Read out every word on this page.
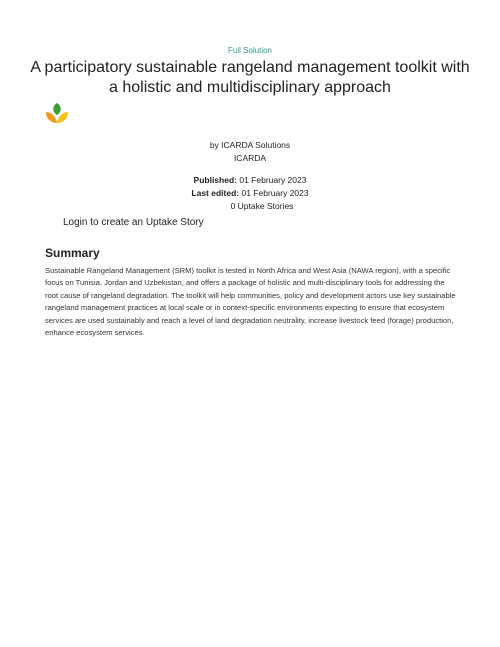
Full Solution
A participatory sustainable rangeland management toolkit with a holistic and multidisciplinary approach
by ICARDA Solutions
ICARDA
Published: 01 February 2023
Last edited: 01 February 2023
0 Uptake Stories
Login to create an Uptake Story
Summary

Sustainable Rangeland Management (SRM) toolkit is tested in North Africa and West Asia (NAWA region), with a specific focus on Tunisia, Jordan and Uzbekistan, and offers a package of holistic and multi-disciplinary tools for addressing the root cause of rangeland degradation. The toolkit will help communities, policy and development actors use key sustainable rangeland management practices at local scale or in context-specific environments expecting to ensure that ecosystem services are used sustainably and reach a level of land degradation neutrality, increase livestock feed (forage) production, enhance ecosystem services.
